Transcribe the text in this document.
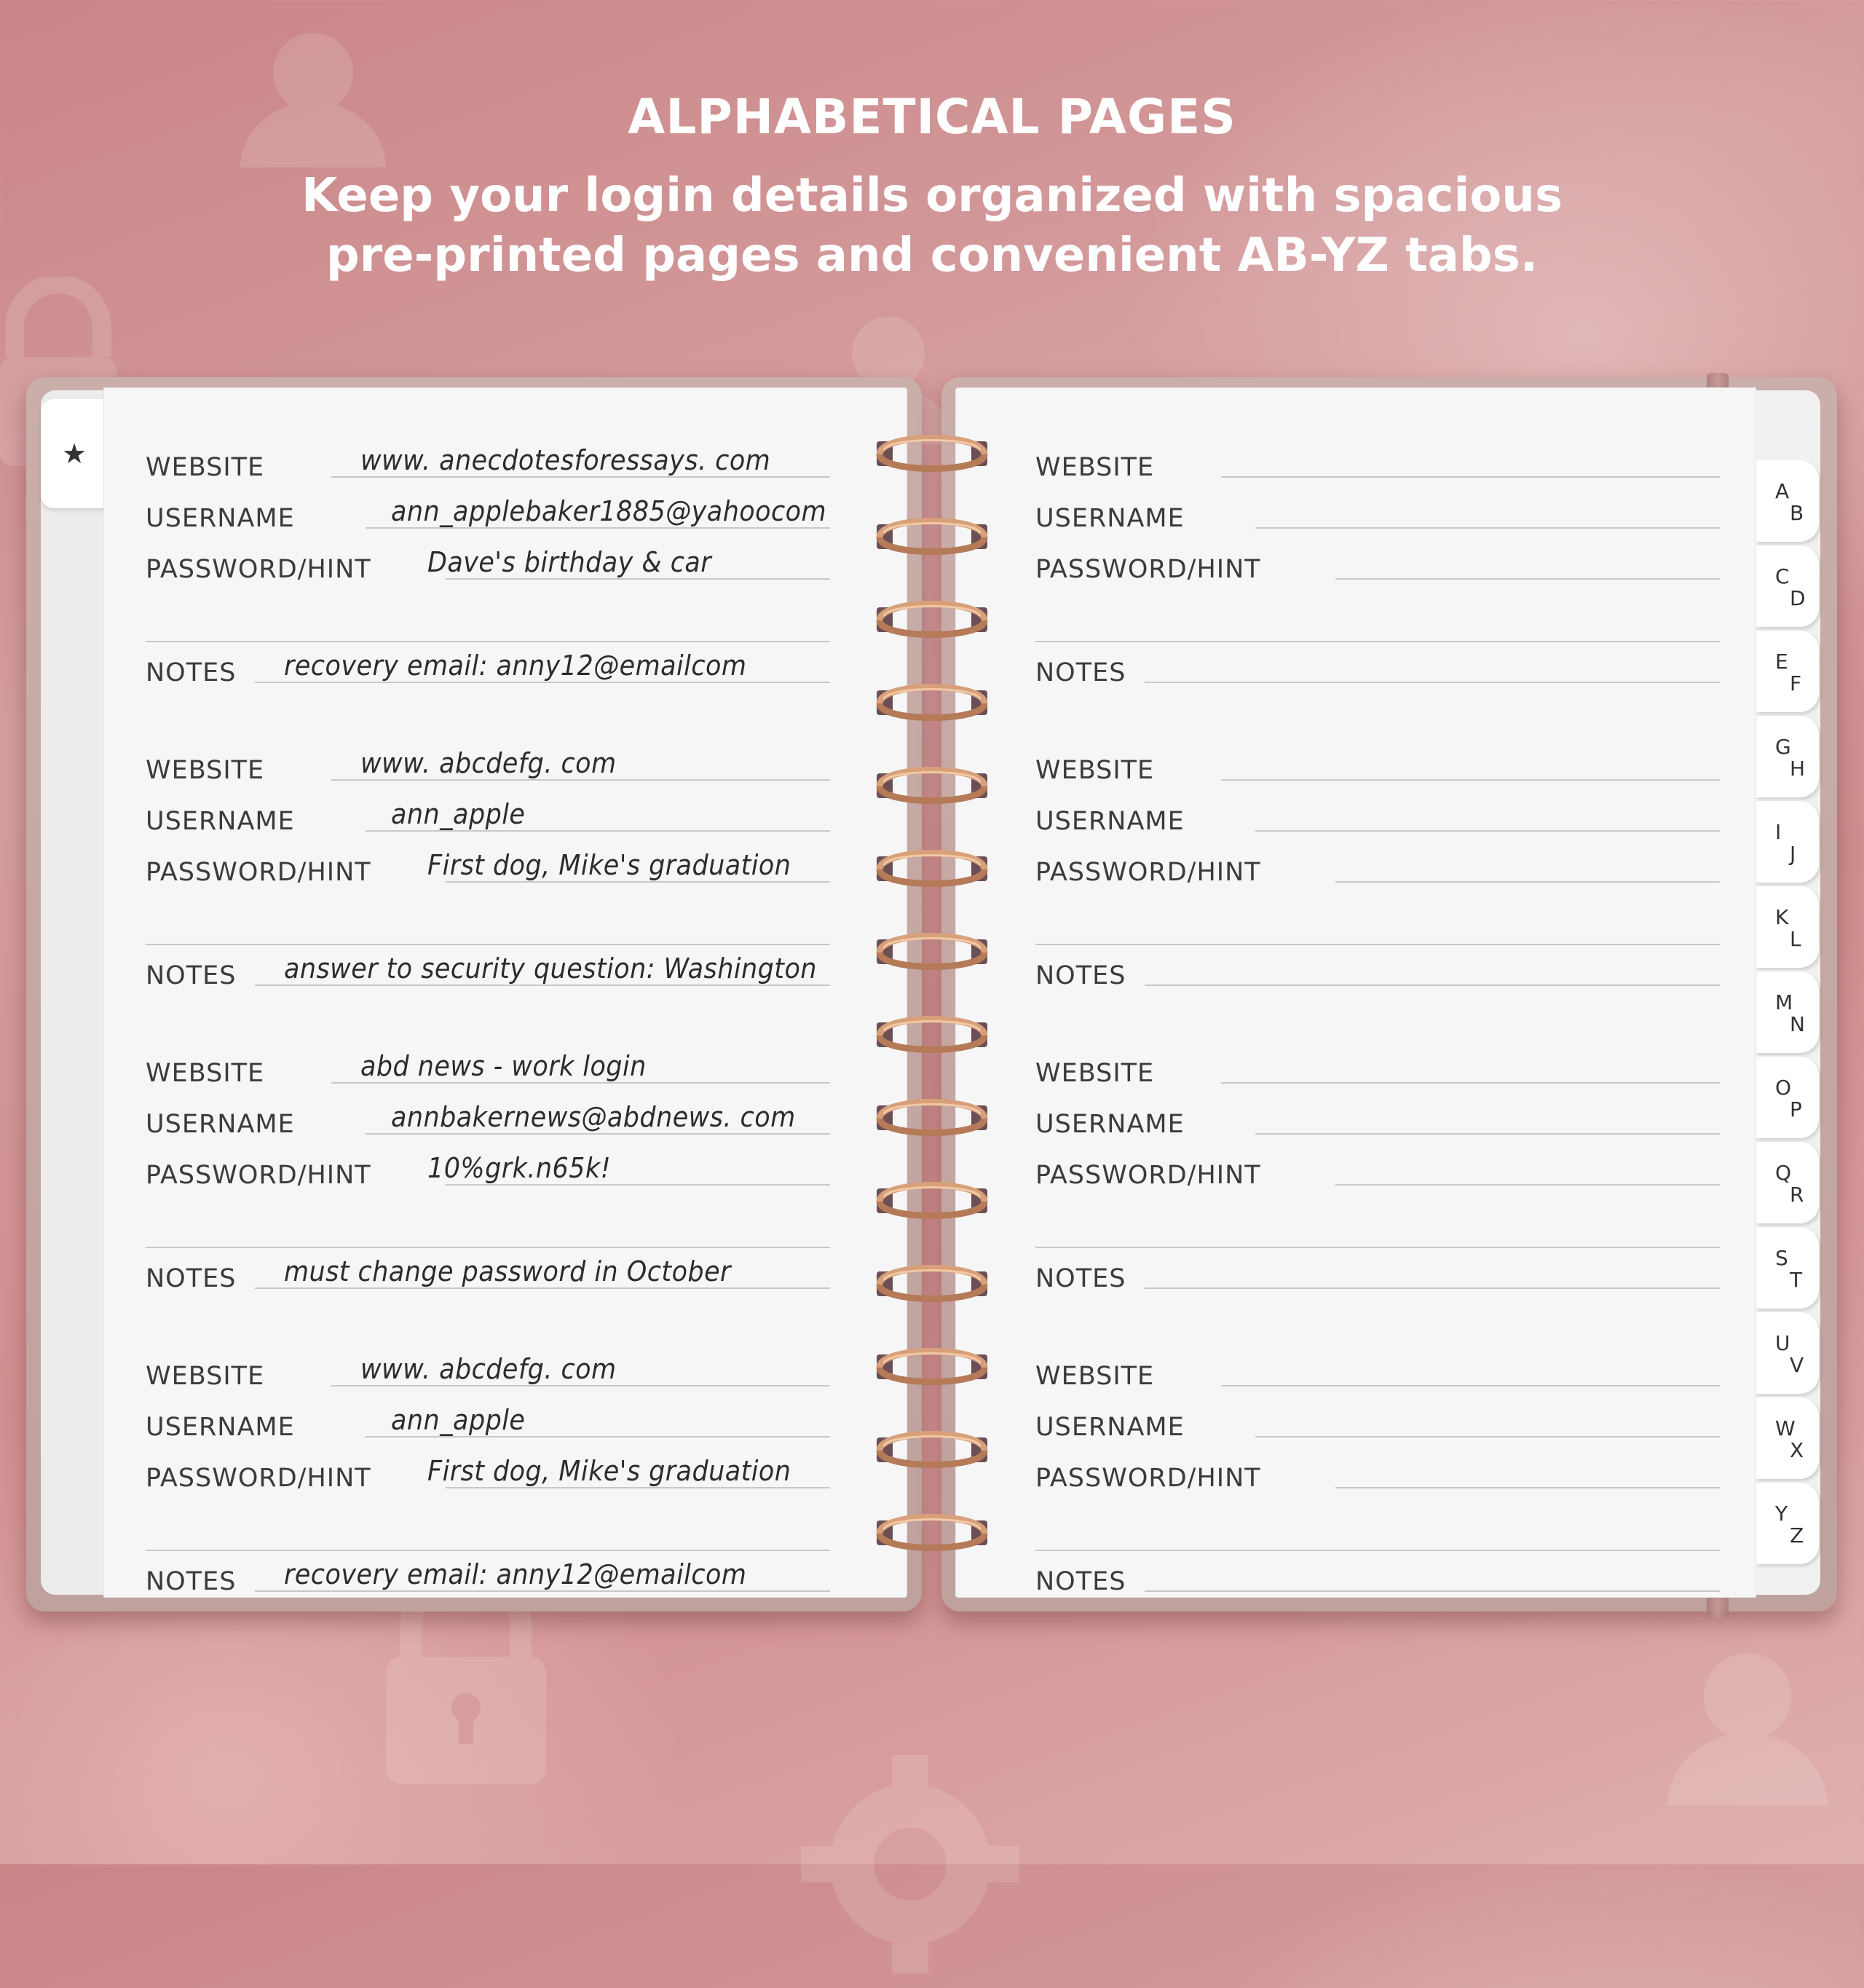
ALPHABETICAL PAGES
Keep your login details organized with spacious
pre-printed pages and convenient AB-YZ tabs.
★ WEBSITE	www. anecdotesforessays. com
USERNAME	ann_applebaker1885@yahoocom
PASSWORD/HINT Dave's birthday & car
NOTES recovery email: anny12@emailcom
WEBSITE	www. abcdefg. com
USERNAME	ann_apple
PASSWORD/HINT First dog, Mike's graduation
NOTES answer to security question: Washington
WEBSITE	abd news - work login
USERNAME	annbakernews@abdnews. com
PASSWORD/HINT 10%grk.n65k!
NOTES must change password in October
WEBSITE	www. abcdefg. com
USERNAME	ann_apple
PASSWORD/HINT First dog, Mike's graduation
NOTES recovery email: anny12@emailcom
WEBSITE
USERNAME
PASSWORD/HINT
NOTES
WEBSITE
USERNAME
PASSWORD/HINT
NOTES
WEBSITE
USERNAME
PASSWORD/HINT
NOTES
WEBSITE
USERNAME
PASSWORD/HINT
NOTES
A
B
C
D
E
F
G
H
I
J
K
L
M
N
O
P
Q
R
S
T
U
V
W
X
Y
Z
